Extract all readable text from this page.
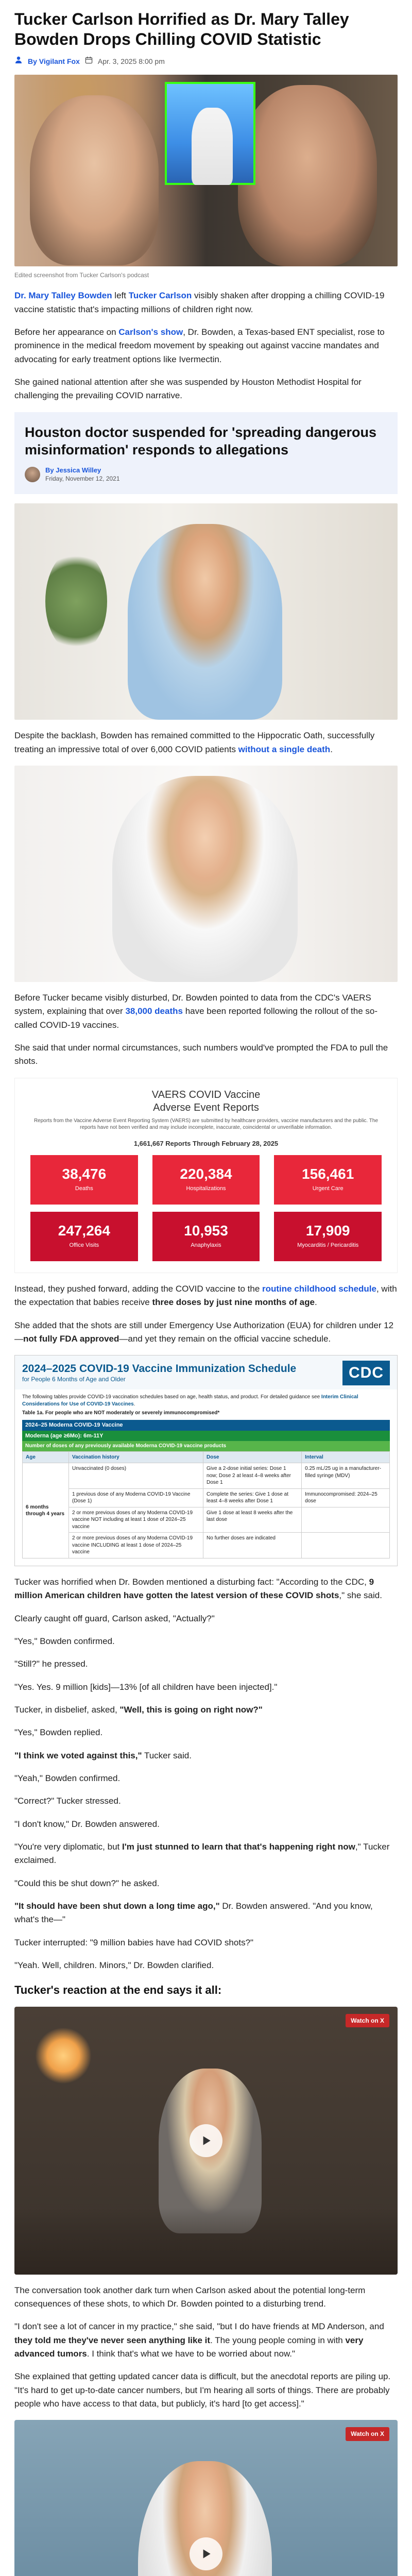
Tucker Carlson Horrified as Dr. Mary Talley Bowden Drops Chilling COVID Statistic
By Vigilant Fox	Apr. 3, 2025 8:00 pm
Edited screenshot from Tucker Carlson's podcast

Dr. Mary Talley Bowden left Tucker Carlson visibly shaken after dropping a chilling COVID-19 vaccine statistic that's impacting millions of children right now.

Before her appearance on Carlson's show, Dr. Bowden, a Texas-based ENT specialist, rose to prominence in the medical freedom movement by speaking out against vaccine mandates and advocating for early treatment options like Ivermectin.

She gained national attention after she was suspended by Houston Methodist Hospital for challenging the prevailing COVID narrative.

Houston doctor suspended for 'spreading dangerous misinformation' responds to allegations
By Jessica Willey
Friday, November 12, 2021

Despite the backlash, Bowden has remained committed to the Hippocratic Oath, successfully treating an impressive total of over 6,000 COVID patients without a single death.

Before Tucker became visibly disturbed, Dr. Bowden pointed to data from the CDC's VAERS system, explaining that over 38,000 deaths have been reported following the rollout of the so-called COVID-19 vaccines.

She said that under normal circumstances, such numbers would've prompted the FDA to pull the shots.

VAERS COVID Vaccine
Adverse Event Reports
Reports from the Vaccine Adverse Event Reporting System (VAERS) are submitted by healthcare providers, vaccine manufacturers and the public. The reports have not been verified and may include incomplete, inaccurate, coincidental or unverifiable information.
1,661,667 Reports Through February 28, 2025
38,476
Deaths
220,384
Hospitalizations
156,461
Urgent Care
247,264
Office Visits
10,953
Anaphylaxis
17,909
Myocarditis / Pericarditis

Instead, they pushed forward, adding the COVID vaccine to the routine childhood schedule, with the expectation that babies receive three doses by just nine months of age.

She added that the shots are still under Emergency Use Authorization (EUA) for children under 12—not fully FDA approved—and yet they remain on the official vaccine schedule.

2024–2025 COVID-19 Vaccine Immunization Schedule
for People 6 Months of Age and Older	CDC
The following tables provide COVID-19 vaccination schedules based on age, health status, and product. For detailed guidance see Interim Clinical Considerations for Use of COVID-19 Vaccines.
Table 1a. For people who are NOT moderately or severely immunocompromised*
2024–25 Moderna COVID-19 Vaccine
Moderna (age ≥6Mo): 6m-11Y
Number of doses of any previously available Moderna COVID-19 vaccine products
Age	Vaccination history	Dose	Interval
6 months through 4 years	Unvaccinated (0 doses)	Give a 2-dose initial series: Dose 1 now; Dose 2 at least 4–8 weeks after Dose 1	0.25 mL/25 ug in a manufacturer-filled syringe (MDV)
	1 previous dose of any Moderna COVID-19 Vaccine (Dose 1)	Complete the series: Give 1 dose at least 4–8 weeks after Dose 1	Immunocompromised: 2024–25 dose
	2 or more previous doses of any Moderna COVID-19 vaccine NOT including at least 1 dose of 2024–25 vaccine	Give 1 dose at least 8 weeks after the last dose	
	2 or more previous doses of any Moderna COVID-19 vaccine INCLUDING at least 1 dose of 2024–25 vaccine	No further doses are indicated	

Tucker was horrified when Dr. Bowden mentioned a disturbing fact: "According to the CDC, 9 million American children have gotten the latest version of these COVID shots," she said.

Clearly caught off guard, Carlson asked, "Actually?"

"Yes," Bowden confirmed.

"Still?" he pressed.

"Yes. Yes. 9 million [kids]—13% [of all children have been injected]."

Tucker, in disbelief, asked, "Well, this is going on right now?"

"Yes," Bowden replied.

"I think we voted against this," Tucker said.

"Yeah," Bowden confirmed.

"Correct?" Tucker stressed.

"I don't know," Dr. Bowden answered.

"You're very diplomatic, but I'm just stunned to learn that that's happening right now," Tucker exclaimed.

"Could this be shut down?" he asked.

"It should have been shut down a long time ago," Dr. Bowden answered. "And you know, what's the—"

Tucker interrupted: "9 million babies have had COVID shots?"

"Yeah. Well, children. Minors," Dr. Bowden clarified.

Tucker's reaction at the end says it all:
Watch on X

The conversation took another dark turn when Carlson asked about the potential long-term consequences of these shots, to which Dr. Bowden pointed to a disturbing trend.

"I don't see a lot of cancer in my practice," she said, "but I do have friends at MD Anderson, and they told me they've never seen anything like it. The young people coming in with very advanced tumors. I think that's what we have to be worried about now."

She explained that getting updated cancer data is difficult, but the anecdotal reports are piling up. "It's hard to get up-to-date cancer numbers, but I'm hearing all sorts of things. There are probably people who have access to that data, but publicly, it's hard [to get access]."

Watch on X
